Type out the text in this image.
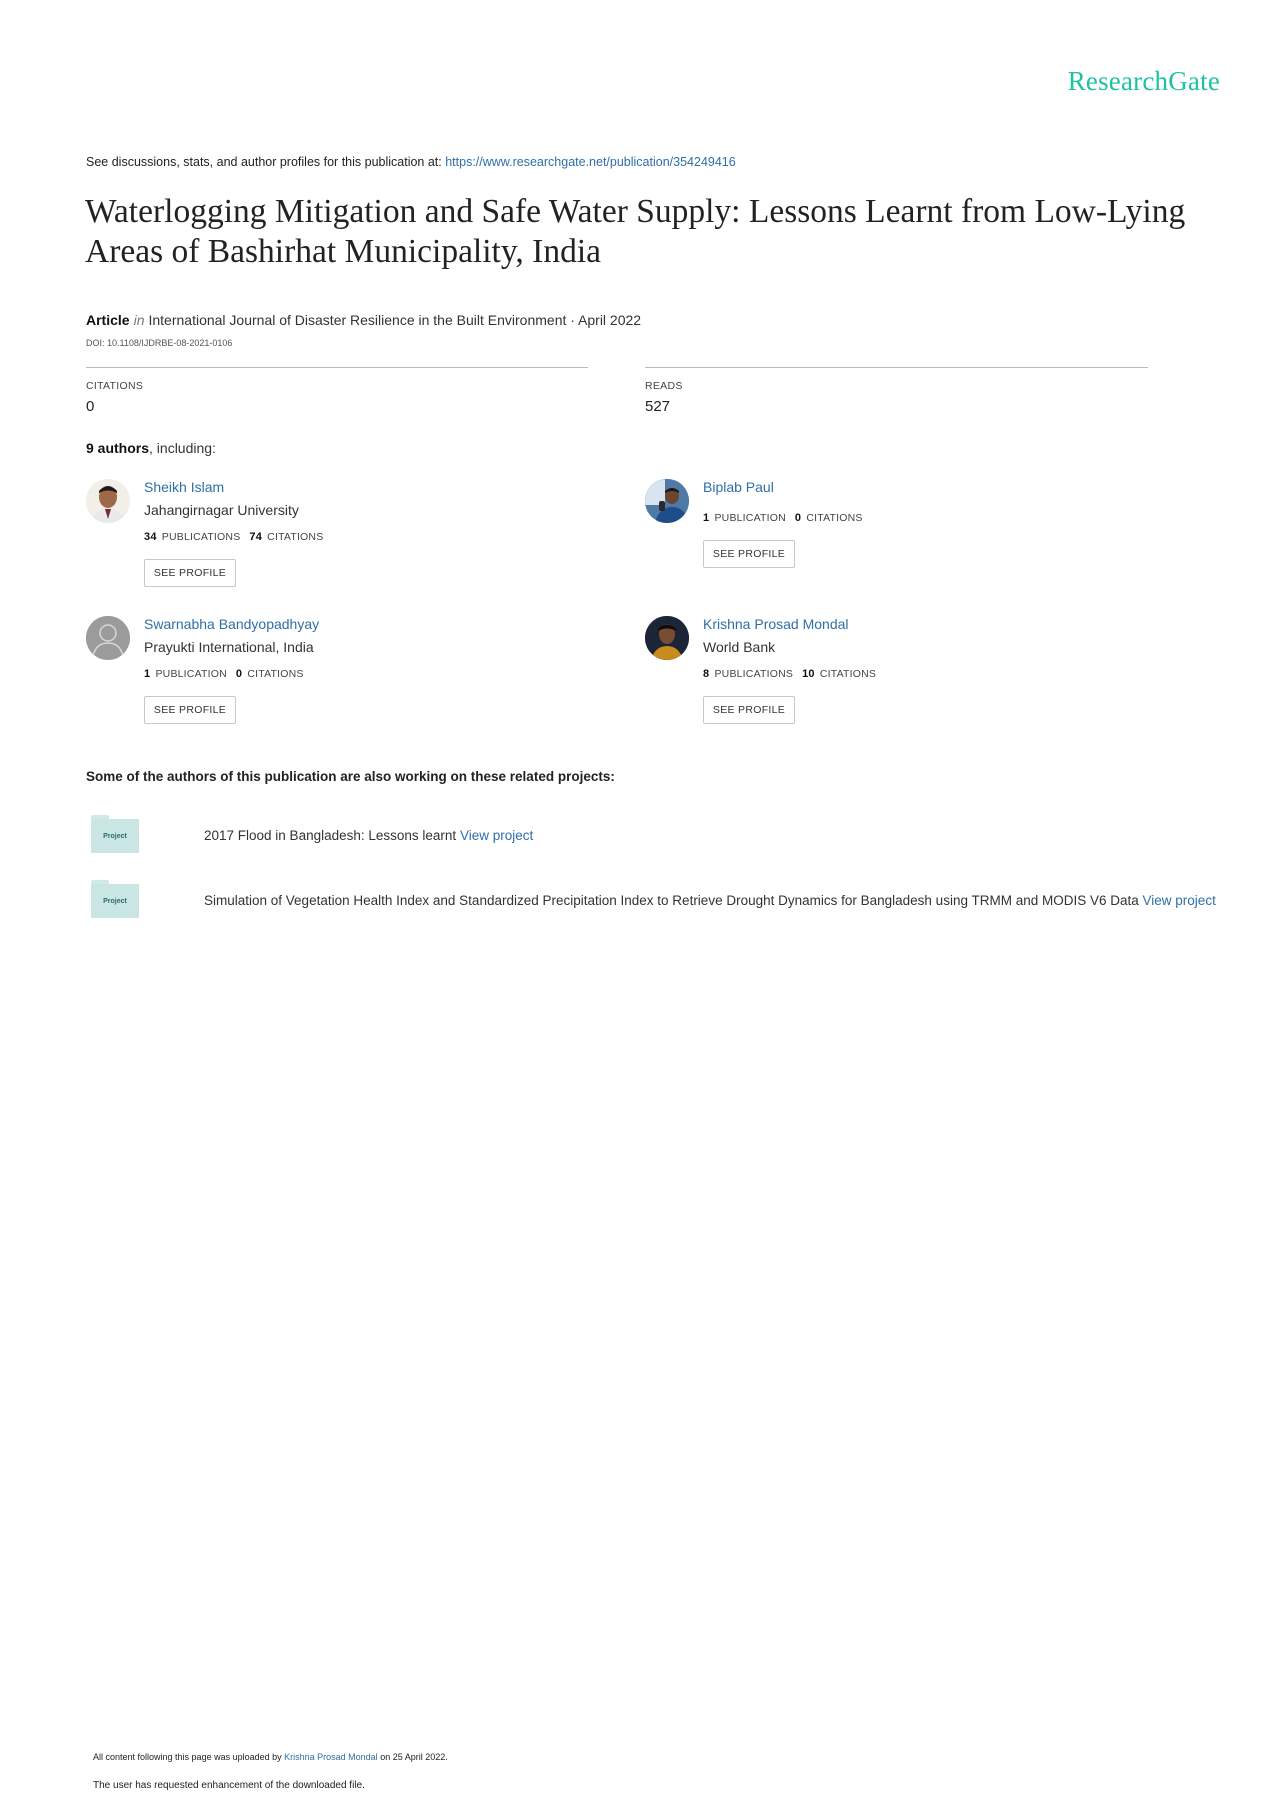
ResearchGate
See discussions, stats, and author profiles for this publication at: https://www.researchgate.net/publication/354249416
Waterlogging Mitigation and Safe Water Supply: Lessons Learnt from Low-Lying Areas of Bashirhat Municipality, India
Article in International Journal of Disaster Resilience in the Built Environment · April 2022
DOI: 10.1108/IJDRBE-08-2021-0106
CITATIONS
0
READS
527
9 authors, including:
Sheikh Islam
Jahangirnagar University
34 PUBLICATIONS 74 CITATIONS
SEE PROFILE
Biplab Paul
1 PUBLICATION 0 CITATIONS
SEE PROFILE
Swarnabha Bandyopadhyay
Prayukti International, India
1 PUBLICATION 0 CITATIONS
SEE PROFILE
Krishna Prosad Mondal
World Bank
8 PUBLICATIONS 10 CITATIONS
SEE PROFILE
Some of the authors of this publication are also working on these related projects:
Project	2017 Flood in Bangladesh: Lessons learnt View project
Project	Simulation of Vegetation Health Index and Standardized Precipitation Index to Retrieve Drought Dynamics for Bangladesh using TRMM and MODIS V6 Data View project
All content following this page was uploaded by Krishna Prosad Mondal on 25 April 2022.
The user has requested enhancement of the downloaded file.
